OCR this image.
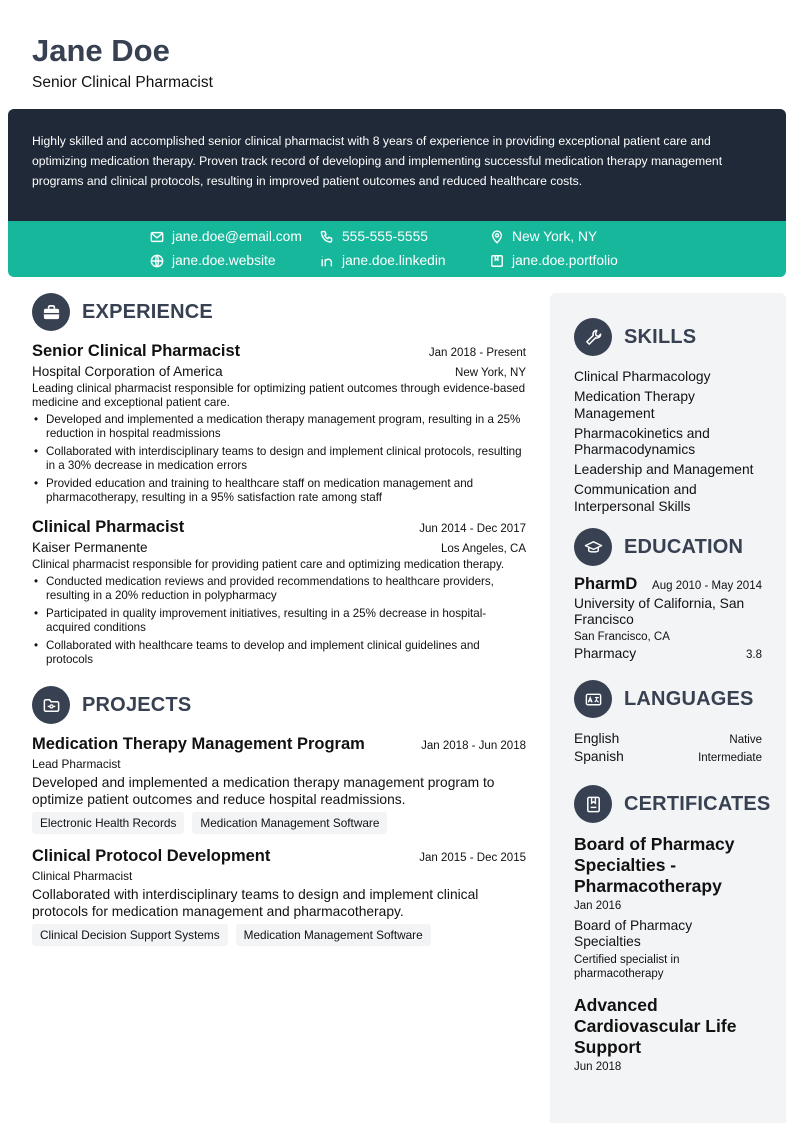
Jane Doe
Senior Clinical Pharmacist
Highly skilled and accomplished senior clinical pharmacist with 8 years of experience in providing exceptional patient care and optimizing medication therapy. Proven track record of developing and implementing successful medication therapy management programs and clinical protocols, resulting in improved patient outcomes and reduced healthcare costs.
jane.doe@email.com	555-555-5555	New York, NY
jane.doe.website	jane.doe.linkedin	jane.doe.portfolio
EXPERIENCE
Senior Clinical Pharmacist	Jan 2018 - Present
Hospital Corporation of America	New York, NY
Leading clinical pharmacist responsible for optimizing patient outcomes through evidence-based medicine and exceptional patient care.
• Developed and implemented a medication therapy management program, resulting in a 25% reduction in hospital readmissions
• Collaborated with interdisciplinary teams to design and implement clinical protocols, resulting in a 30% decrease in medication errors
• Provided education and training to healthcare staff on medication management and pharmacotherapy, resulting in a 95% satisfaction rate among staff
Clinical Pharmacist	Jun 2014 - Dec 2017
Kaiser Permanente	Los Angeles, CA
Clinical pharmacist responsible for providing patient care and optimizing medication therapy.
• Conducted medication reviews and provided recommendations to healthcare providers, resulting in a 20% reduction in polypharmacy
• Participated in quality improvement initiatives, resulting in a 25% decrease in hospital-acquired conditions
• Collaborated with healthcare teams to develop and implement clinical guidelines and protocols
PROJECTS
Medication Therapy Management Program	Jan 2018 - Jun 2018
Lead Pharmacist
Developed and implemented a medication therapy management program to optimize patient outcomes and reduce hospital readmissions.
Electronic Health Records	Medication Management Software
Clinical Protocol Development	Jan 2015 - Dec 2015
Clinical Pharmacist
Collaborated with interdisciplinary teams to design and implement clinical protocols for medication management and pharmacotherapy.
Clinical Decision Support Systems	Medication Management Software
SKILLS
Clinical Pharmacology
Medication Therapy Management
Pharmacokinetics and Pharmacodynamics
Leadership and Management
Communication and Interpersonal Skills
EDUCATION
PharmD Aug 2010 - May 2014
University of California, San Francisco
San Francisco, CA
Pharmacy	3.8
LANGUAGES
English	Native
Spanish	Intermediate
CERTIFICATES
Board of Pharmacy Specialties - Pharmacotherapy
Jan 2016
Board of Pharmacy Specialties
Certified specialist in pharmacotherapy
Advanced Cardiovascular Life Support
Jun 2018
